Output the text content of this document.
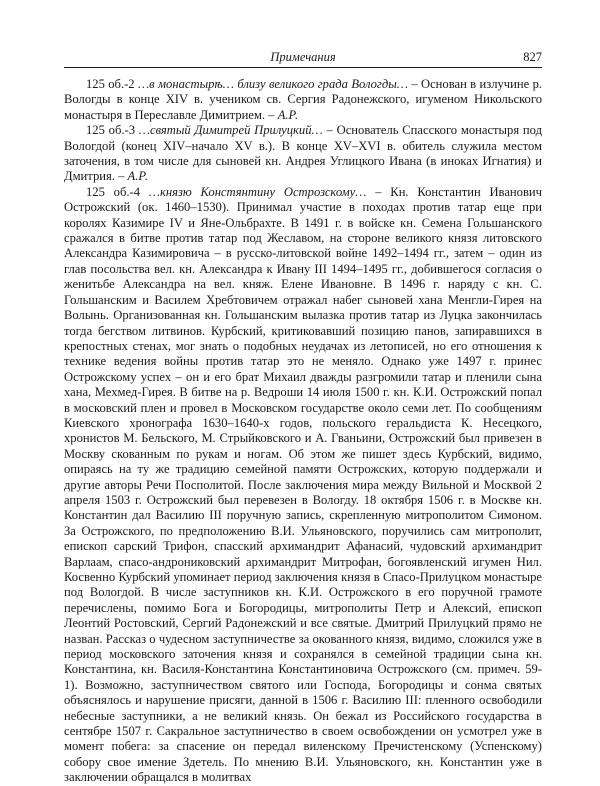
Примечания	827

125 об.-2 …в монастырѣ… близу великого града Вологды… – Основан в излучине р. Вологды в конце XIV в. учеником св. Сергия Радонежского, игуменом Никольского монастыря в Переславле Димитрием. – А.Р.

125 об.-3 …святый Димитрей Прилуцкий… – Основатель Спасского монастыря под Вологдой (конец XIV–начало XV в.). В конце XV–XVI в. обитель служила местом заточения, в том числе для сыновей кн. Андрея Углицкого Ивана (в иноках Игнатия) и Дмитрия. – А.Р.

125 об.-4 …князю Констянтину Острозскому… – Кн. Константин Иванович Острожский (ок. 1460–1530). Принимал участие в походах против татар еще при королях Казимире IV и Яне-Ольбрахте. В 1491 г. в войске кн. Семена Гольшанского сражался в битве против татар под Жеславом, на стороне великого князя литовского Александра Казимировича – в русско-литовской войне 1492–1494 гг., затем – один из глав посольства вел. кн. Александра к Ивану III 1494–1495 гг., добившегося согласия о женитьбе Александра на вел. княж. Елене Ивановне. В 1496 г. наряду с кн. С. Гольшанским и Василем Хребтовичем отражал набег сыновей хана Менгли-Гирея на Волынь. Организованная кн. Гольшанским вылазка против татар из Луцка закончилась тогда бегством литвинов. Курбский, критиковавший позицию панов, запиравшихся в крепостных стенах, мог знать о подобных неудачах из летописей, но его отношения к технике ведения войны против татар это не меняло. Однако уже 1497 г. принес Острожскому успех – он и его брат Михаил дважды разгромили татар и пленили сына хана, Мехмед-Гирея. В битве на р. Ведроши 14 июля 1500 г. кн. К.И. Острожский попал в московский плен и провел в Московском государстве около семи лет. По сообщениям Киевского хронографа 1630–1640-х годов, польского геральдиста К. Несецкого, хронистов М. Бельского, М. Стрыйковского и А. Гваньини, Острожский был привезен в Москву скованным по рукам и ногам. Об этом же пишет здесь Курбский, видимо, опираясь на ту же традицию семейной памяти Острожских, которую поддержали и другие авторы Речи Посполитой. После заключения мира между Вильной и Москвой 2 апреля 1503 г. Острожский был перевезен в Вологду. 18 октября 1506 г. в Москве кн. Константин дал Василию III поручную запись, скрепленную митрополитом Симоном. За Острожского, по предположению В.И. Ульяновского, поручились сам митрополит, епископ сарский Трифон, спасский архимандрит Афанасий, чудовский архимандрит Варлаам, спасо-андрониковский архимандрит Митрофан, богоявленский игумен Нил. Косвенно Курбский упоминает период заключения князя в Спасо-Прилуцком монастыре под Вологдой. В числе заступников кн. К.И. Острожского в его поручной грамоте перечислены, помимо Бога и Богородицы, митрополиты Петр и Алексий, епископ Леонтий Ростовский, Сергий Радонежский и все святые. Дмитрий Прилуцкий прямо не назван. Рассказ о чудесном заступничестве за окованного князя, видимо, сложился уже в период московского заточения князя и сохранялся в семейной традиции сына кн. Константина, кн. Василя-Константина Константиновича Острожского (см. примеч. 59-1). Возможно, заступничеством святого или Господа, Богородицы и сонма святых объяснялось и нарушение присяги, данной в 1506 г. Василию III: пленного освободили небесные заступники, а не великий князь. Он бежал из Российского государства в сентябре 1507 г. Сакральное заступничество в своем освобождении он усмотрел уже в момент побега: за спасение он передал виленскому Пречистенскому (Успенскому) собору свое имение Здетель. По мнению В.И. Ульяновского, кн. Константин уже в заключении обращался в молитвах
